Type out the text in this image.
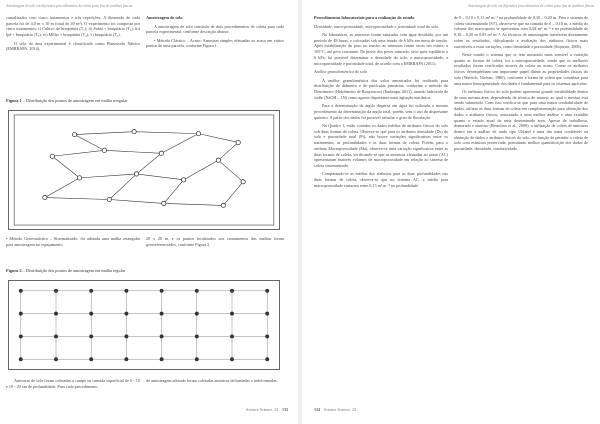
Amostragem de solo em diferentes procedimentos de coleta para fins de análises físicas

casualizados com cinco tratamentos e três repetições. A dimensão de cada parcela foi de 4,0 m x 10 m (total de 40 m²). O experimento foi composto por cinco tratamentos: i) Cultivo de braquiária (T₁); ii) Sabiá + braquiária (T₂); iii) Ipê + braquiária (T₃); iv) Milho + braquiária (T₄); v) braquiária (T₅).

O solo da área experimental é classificado como Planossolo Nátrico (EMBRAPA, 2014).

Amostragem de solo

A amostragem de solo consistiu de dois procedimentos de coleta para cada parcela experimental, conforme descrição abaixo:

• Método Clássico – Acaso: Amostras simples efetuadas ao acaso em vários pontos de uma parcela, conforme Figura 1.

Figura 1 – Distribuição dos pontos de amostragem em malha irregular

• Método Geoestatístico – Sistematizado: foi adotada uma malha retangular para amostragem no espaçamento

20 x 20 m, e os pontos localizados nos cruzamentos das malhas foram georreferenciados, conforme Figura 2.

Figura 2 – Distribuição dos pontos de amostragem em malha regular

Amostras de solo foram coletadas a campo na camada superficial de 0 - 10 e 10 - 20 cm de profundidade. Para cada procedimento

de amostragem adotado foram coletadas amostras deformadas e indeformadas.

Science Science. 23 133
Amostragem de solo em diferentes procedimentos de coleta para fins de análises físicas

Procedimentos laboratoriais para a realização do estudo

Densidade, macroporosidade, microporosidade e porosidade total do solo

No laboratório, as amostras foram saturadas com água destilada, por um período de 48 horas, e colocadas sob uma tensão de 6 kPa em mesa de tensão. Após estabilização do peso no tensão, as amostras foram secas em estufa, a 105°C, até peso constante. De posse dos pesos saturado, seco após equilíbrio a 6 kPa, foi possível determinar a densidade do solo, a macroporosidade, a microporosidade e porosidade total, de acordo com a EMBRAPA (2011).

Análise granulométrica do solo

A análise granulométrica dos solos amostrados foi realizada para distribuição de diâmetro e de partículas primárias, conforme o método do Densímetro (Hidrômetro de Bouyoucos) (Embrapa, 2011), usando hidróxido de sódio (NaOH – 1N) como agente dispersante mais agitação mecânica.

Para a determinação da argila dispersa em água foi utilizado o mesmo procedimento da determinação da argila total, porém, sem o uso do dispersante químico. A partir dos dados foi possível calcular o grau de floculação.

Na Quadro 1, estão contidos os dados médios de atributos físicos do solo sob duas formas de coleta. Observa-se que para os atributos densidade (Ds) do solo e porosidade total (Pt), não houve variações significativas entre os tratamentos, as profundidades e as duas formas de coleta. Porém, para o atributo Macroporosidade (Ma), observa-se uma variação significativa entre as duas formas de coleta, verificando-se que as amostras efetuadas ao acaso (AC) apresentaram maiores volumes de macroporosidade em relação ao sistema de coleta sistematizado.

Comparando-se as médias dos atributos para as duas profundidades nas duas formas de coleta, observa-se que no sistema AC, a média para macroporosidade variaram entre 0,15 m³ m⁻³ na profundidade

de 0 – 0,10 e 0,13 m³ m⁻³ na profundidade de 0,10 – 0,20 m. Para o sistema de coleta sistematizado (ST), observa-se que na camada de 0 – 0,10 m, a média do volume dos macroporos se apresentou com 0,04 m³ m⁻³ e na profundidade de 0,10 – 0,20 m 0,05 m³ m⁻³. As técnicas de amostragem interferem diretamente sobre os resultados, dificultando a avaliação dos atributos físicos mais suscetíveis a estas variações, como densidade e porosidade (Siqueira, 2006).

Neste estudo o sistema que se tem mostrado mais sensível a variação quanto as formas de coleta, foi a macroporosidade, sendo que os melhores resultados foram verificados através da coleta ao acaso. Como os atributos físicos desempenham um importante papel diante as propriedades físicas do solo (Warrick; Nielsen, 1980), conforme a forma de coleta que contribua para uma maior homogeneidade dos dados é fundamental para os sistemas agrícolas.

Os atributos físicos do solo podem apresentar grande variabilidade dentro de uma mesma área, dependendo da técnica de manejo ao qual o mesmo está sendo submetido. Com isso verifica-se que para uma maior confiabilidade de dados, utilizar as duas formas de coleta em complementação para obtenção dos dados e atributos físicos, associando a uma melhor análise e uma exatidão quanto o estado atual de uma determinada área. Apesar de trabalhoso, demorado e oneroso (Bertolino et al., 2009), a utilização de coleta de amostras dentro em a análise de trado tipo Uhland é uma das mais confiáveis na obtenção de dados e atributos físicos do solo, em função de permitir a coleta de solo com estrutura preservada, permitindo melhor quantificação dos dados de porosidade, densidade, condutividade.

134 Science Science. 23
